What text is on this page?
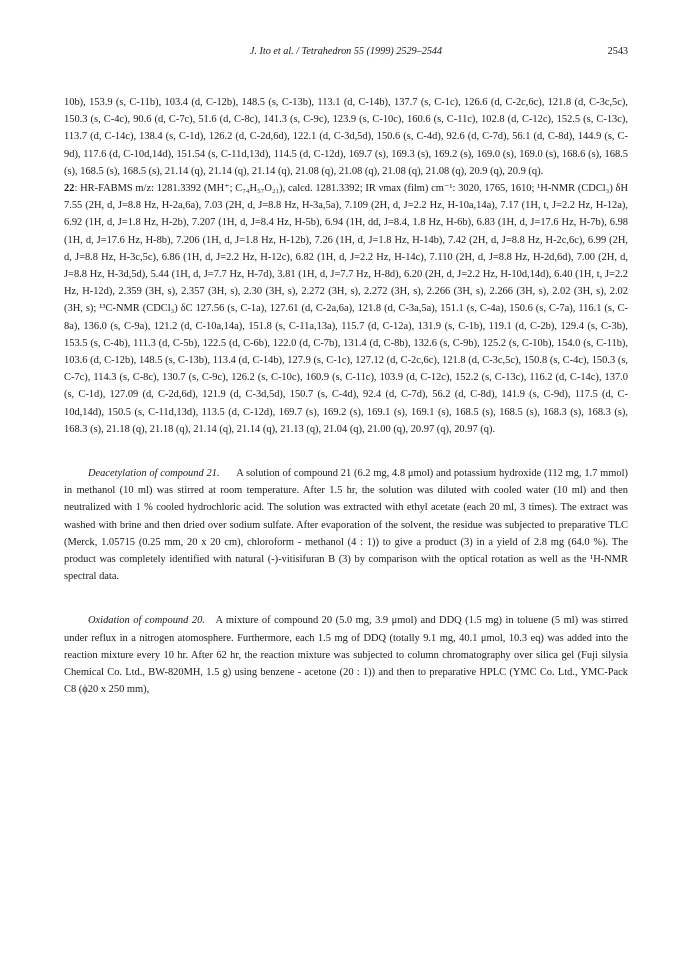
J. Ito et al. / Tetrahedron 55 (1999) 2529–2544	2543

10b), 153.9 (s, C-11b), 103.4 (d, C-12b), 148.5 (s, C-13b), 113.1 (d, C-14b), 137.7 (s, C-1c), 126.6 (d, C-2c,6c), 121.8 (d, C-3c,5c), 150.3 (s, C-4c), 90.6 (d, C-7c), 51.6 (d, C-8c), 141.3 (s, C-9c), 123.9 (s, C-10c), 160.6 (s, C-11c), 102.8 (d, C-12c), 152.5 (s, C-13c), 113.7 (d, C-14c), 138.4 (s, C-1d), 126.2 (d, C-2d,6d), 122.1 (d, C-3d,5d), 150.6 (s, C-4d), 92.6 (d, C-7d), 56.1 (d, C-8d), 144.9 (s, C-9d), 117.6 (d, C-10d,14d), 151.54 (s, C-11d,13d), 114.5 (d, C-12d), 169.7 (s), 169.3 (s), 169.2 (s), 169.0 (s), 169.0 (s), 168.6 (s), 168.5 (s), 168.5 (s), 168.5 (s), 21.14 (q), 21.14 (q), 21.14 (q), 21.08 (q), 21.08 (q), 21.08 (q), 21.08 (q), 20.9 (q), 20.9 (q).

22: HR-FABMS m/z: 1281.3392 (MH⁺; C₇₄H₅₇O₂₁), calcd. 1281.3392; IR νmax (film) cm⁻¹: 3020, 1765, 1610; ¹H-NMR (CDCl₃) δH 7.55 (2H, d, J=8.8 Hz, H-2a,6a), 7.03 (2H, d, J=8.8 Hz, H-3a,5a), 7.109 (2H, d, J=2.2 Hz, H-10a,14a), 7.17 (1H, t, J=2.2 Hz, H-12a), 6.92 (1H, d, J=1.8 Hz, H-2b), 7.207 (1H, d, J=8.4 Hz, H-5b), 6.94 (1H, dd, J=8.4, 1.8 Hz, H-6b), 6.83 (1H, d, J=17.6 Hz, H-7b), 6.98 (1H, d, J=17.6 Hz, H-8b), 7.206 (1H, d, J=1.8 Hz, H-12b), 7.26 (1H, d, J=1.8 Hz, H-14b), 7.42 (2H, d, J=8.8 Hz, H-2c,6c), 6.99 (2H, d, J=8.8 Hz, H-3c,5c), 6.86 (1H, d, J=2.2 Hz, H-12c), 6.82 (1H, d, J=2.2 Hz, H-14c), 7.110 (2H, d, J=8.8 Hz, H-2d,6d), 7.00 (2H, d, J=8.8 Hz, H-3d,5d), 5.44 (1H, d, J=7.7 Hz, H-7d), 3.81 (1H, d, J=7.7 Hz, H-8d), 6.20 (2H, d, J=2.2 Hz, H-10d,14d), 6.40 (1H, t, J=2.2 Hz, H-12d), 2.359 (3H, s), 2.357 (3H, s), 2.30 (3H, s), 2.272 (3H, s), 2.272 (3H, s), 2.266 (3H, s), 2.266 (3H, s), 2.02 (3H, s), 2.02 (3H, s); ¹³C-NMR (CDCl₃) δC 127.56 (s, C-1a), 127.61 (d, C-2a,6a), 121.8 (d, C-3a,5a), 151.1 (s, C-4a), 150.6 (s, C-7a), 116.1 (s, C-8a), 136.0 (s, C-9a), 121.2 (d, C-10a,14a), 151.8 (s, C-11a,13a), 115.7 (d, C-12a), 131.9 (s, C-1b), 119.1 (d, C-2b), 129.4 (s, C-3b), 153.5 (s, C-4b), 111.3 (d, C-5b), 122.5 (d, C-6b), 122.0 (d, C-7b), 131.4 (d, C-8b), 132.6 (s, C-9b), 125.2 (s, C-10b), 154.0 (s, C-11b), 103.6 (d, C-12b), 148.5 (s, C-13b), 113.4 (d, C-14b), 127.9 (s, C-1c), 127.12 (d, C-2c,6c), 121.8 (d, C-3c,5c), 150.8 (s, C-4c), 150.3 (s, C-7c), 114.3 (s, C-8c), 130.7 (s, C-9c), 126.2 (s, C-10c), 160.9 (s, C-11c), 103.9 (d, C-12c), 152.2 (s, C-13c), 116.2 (d, C-14c), 137.0 (s, C-1d), 127.09 (d, C-2d,6d), 121.9 (d, C-3d,5d), 150.7 (s, C-4d), 92.4 (d, C-7d), 56.2 (d, C-8d), 141.9 (s, C-9d), 117.5 (d, C-10d,14d), 150.5 (s, C-11d,13d), 113.5 (d, C-12d), 169.7 (s), 169.2 (s), 169.1 (s), 169.1 (s), 168.5 (s), 168.5 (s), 168.3 (s), 168.3 (s), 168.3 (s), 21.18 (q), 21.18 (q), 21.14 (q), 21.14 (q), 21.13 (q), 21.04 (q), 21.00 (q), 20.97 (q), 20.97 (q).

Deacetylation of compound 21. A solution of compound 21 (6.2 mg, 4.8 μmol) and potassium hydroxide (112 mg, 1.7 mmol) in methanol (10 ml) was stirred at room temperature. After 1.5 hr, the solution was diluted with cooled water (10 ml) and then neutralized with 1 % cooled hydrochloric acid. The solution was extracted with ethyl acetate (each 20 ml, 3 times). The extract was washed with brine and then dried over sodium sulfate. After evaporation of the solvent, the residue was subjected to preparative TLC (Merck, 1.05715 (0.25 mm, 20 x 20 cm), chloroform - methanol (4 : 1)) to give a product (3) in a yield of 2.8 mg (64.0 %). The product was completely identified with natural (-)-vitisifuran B (3) by comparison with the optical rotation as well as the ¹H-NMR spectral data.

Oxidation of compound 20. A mixture of compound 20 (5.0 mg, 3.9 μmol) and DDQ (1.5 mg) in toluene (5 ml) was stirred under reflux in a nitrogen atomosphere. Furthermore, each 1.5 mg of DDQ (totally 9.1 mg, 40.1 μmol, 10.3 eq) was added into the reaction mixture every 10 hr. After 62 hr, the reaction mixture was subjected to column chromatography over silica gel (Fuji silysia Chemical Co. Ltd., BW-820MH, 1.5 g) using benzene - acetone (20 : 1)) and then to preparative HPLC (YMC Co. Ltd., YMC-Pack C8 (ϕ20 x 250 mm),
